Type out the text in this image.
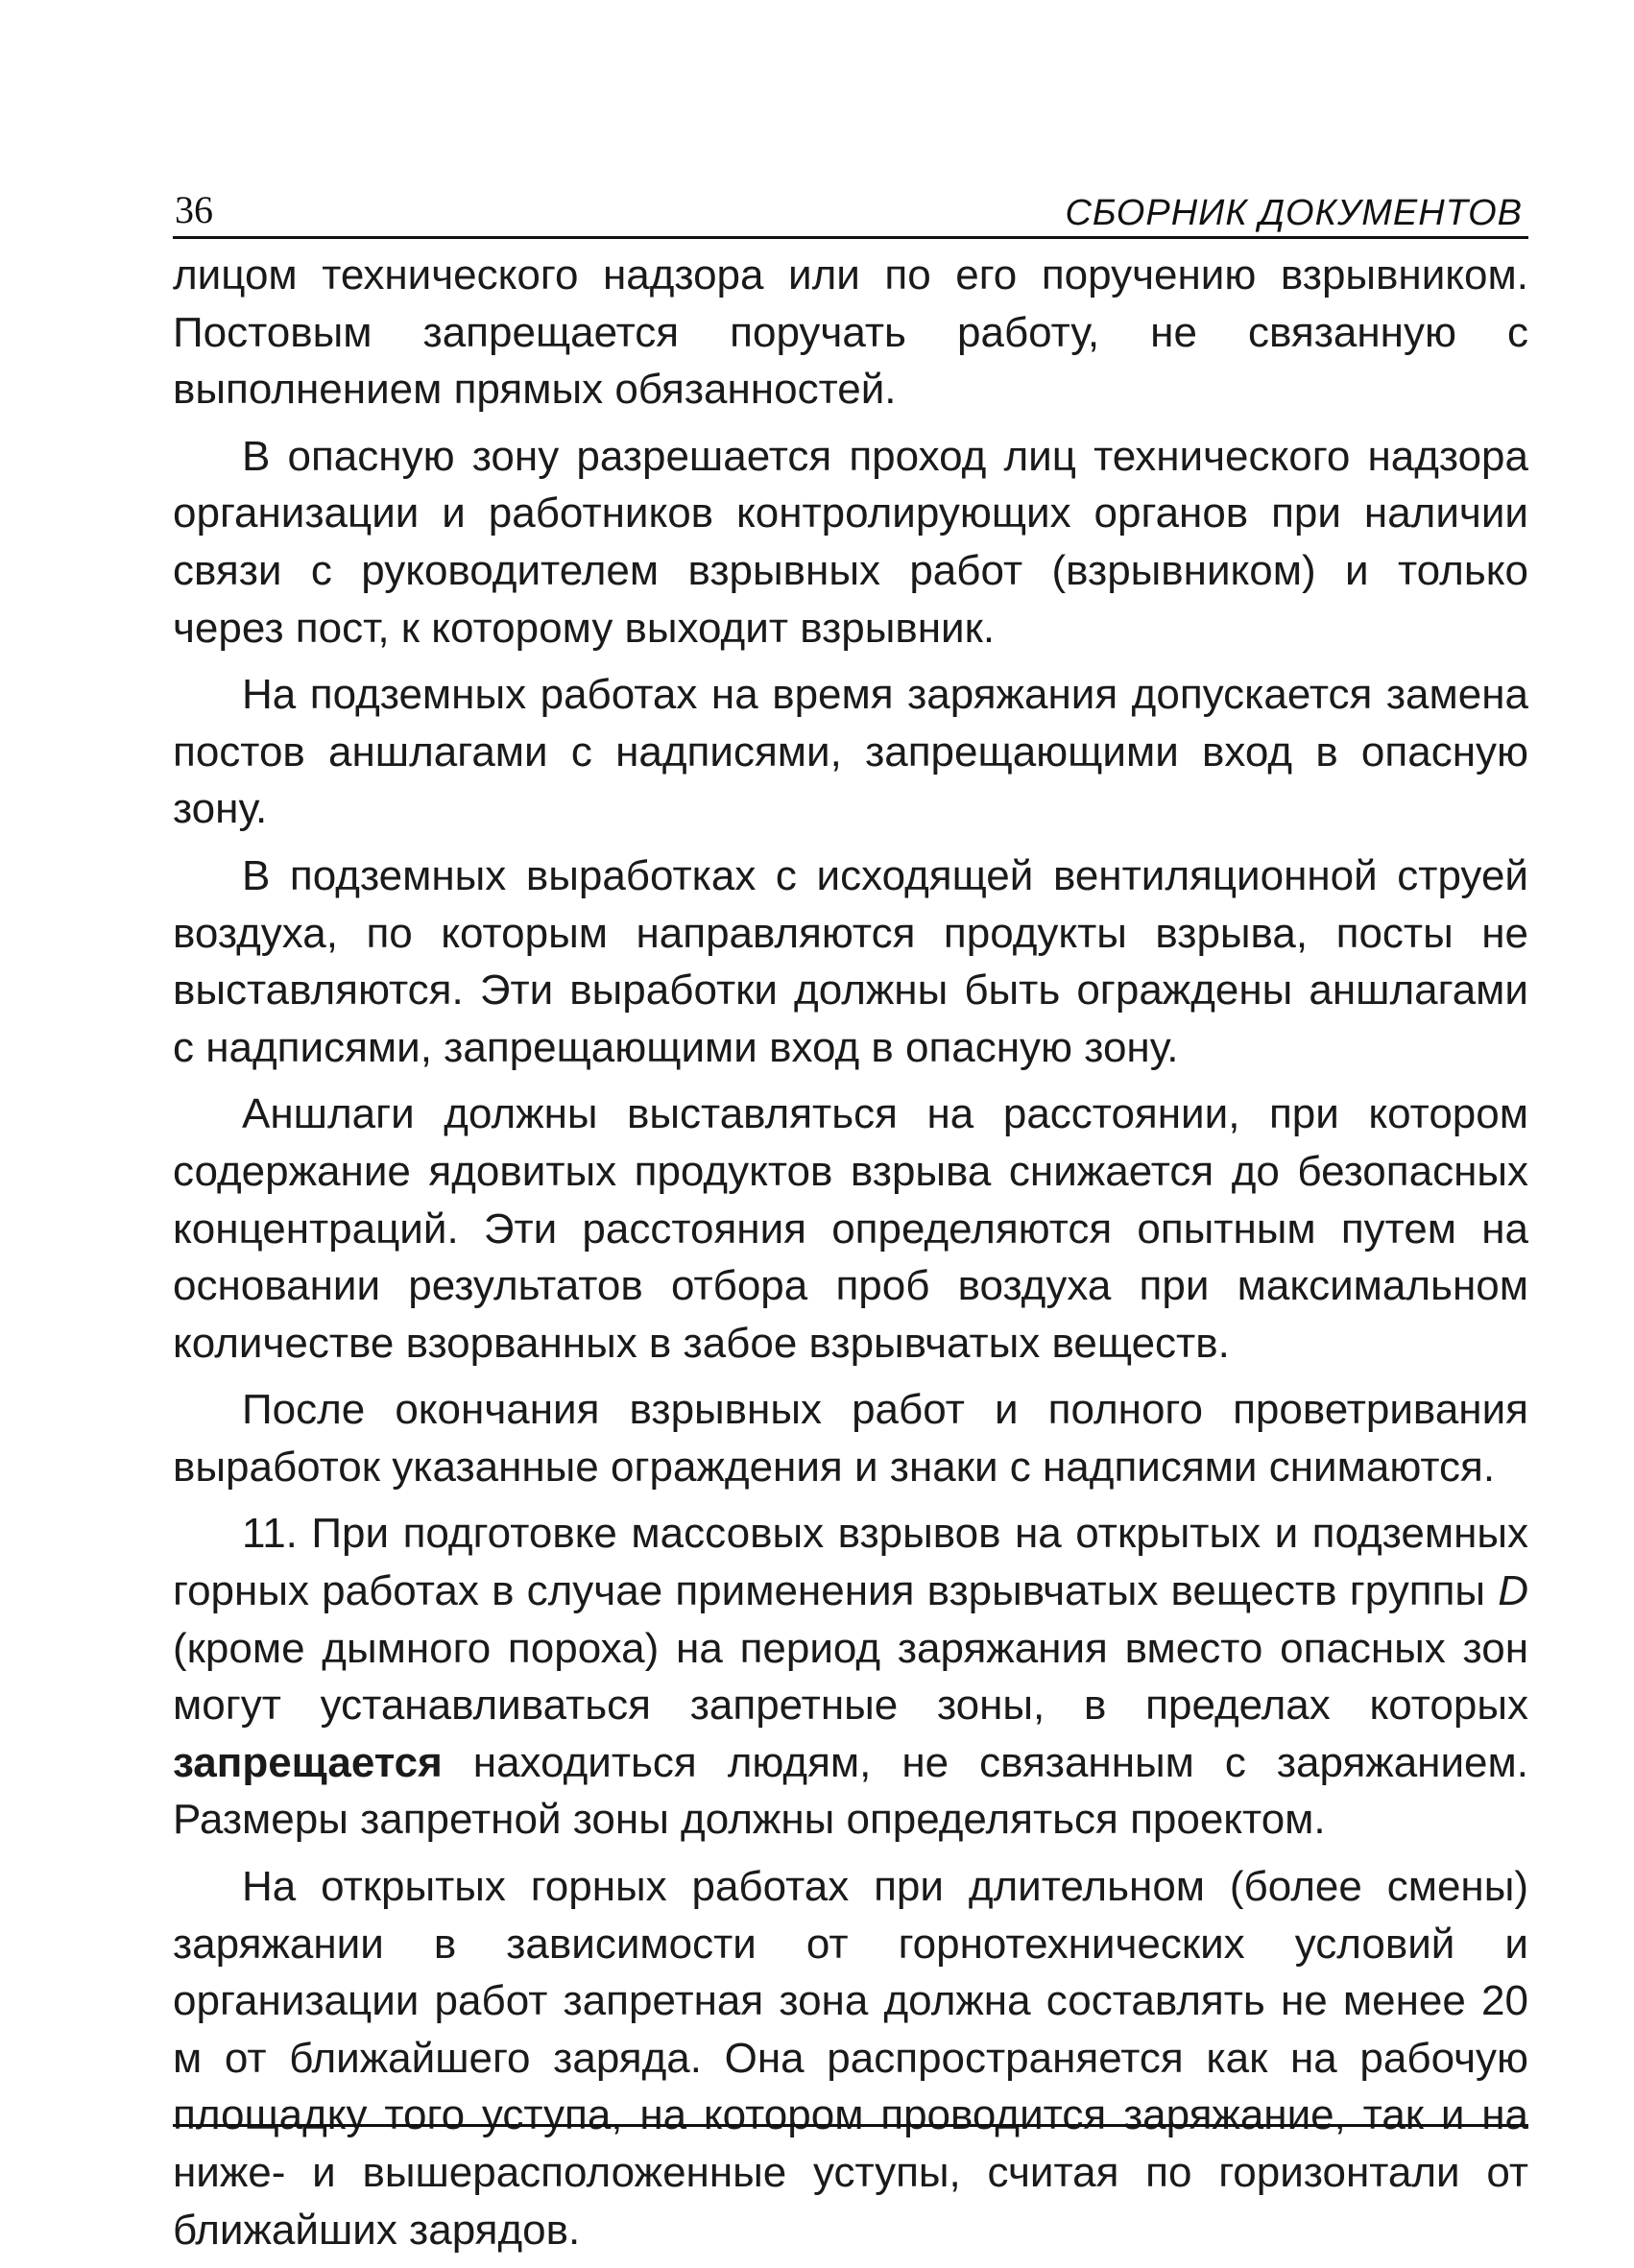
36	СБОРНИК ДОКУМЕНТОВ

лицом технического надзора или по его поручению взрывником. Постовым запрещается поручать работу, не связанную с выполнением прямых обязанностей.

В опасную зону разрешается проход лиц технического надзора организации и работников контролирующих органов при наличии связи с руководителем взрывных работ (взрывником) и только через пост, к которому выходит взрывник.

На подземных работах на время заряжания допускается замена постов аншлагами с надписями, запрещающими вход в опасную зону.

В подземных выработках с исходящей вентиляционной струей воздуха, по которым направляются продукты взрыва, посты не выставляются. Эти выработки должны быть ограждены аншлагами с надписями, запрещающими вход в опасную зону.

Аншлаги должны выставляться на расстоянии, при котором содержание ядовитых продуктов взрыва снижается до безопасных концентраций. Эти расстояния определяются опытным путем на основании результатов отбора проб воздуха при максимальном количестве взорванных в забое взрывчатых веществ.

После окончания взрывных работ и полного проветривания выработок указанные ограждения и знаки с надписями снимаются.

11. При подготовке массовых взрывов на открытых и подземных горных работах в случае применения взрывчатых веществ группы D (кроме дымного пороха) на период заряжания вместо опасных зон могут устанавливаться запретные зоны, в пределах которых запрещается находиться людям, не связанным с заряжанием. Размеры запретной зоны должны определяться проектом.

На открытых горных работах при длительном (более смены) заряжании в зависимости от горнотехнических условий и организации работ запретная зона должна составлять не менее 20 м от ближайшего заряда. Она распространяется как на рабочую площадку того уступа, на котором проводится заряжание, так и на ниже- и вышерасположенные уступы, считая по горизонтали от ближайших зарядов.
